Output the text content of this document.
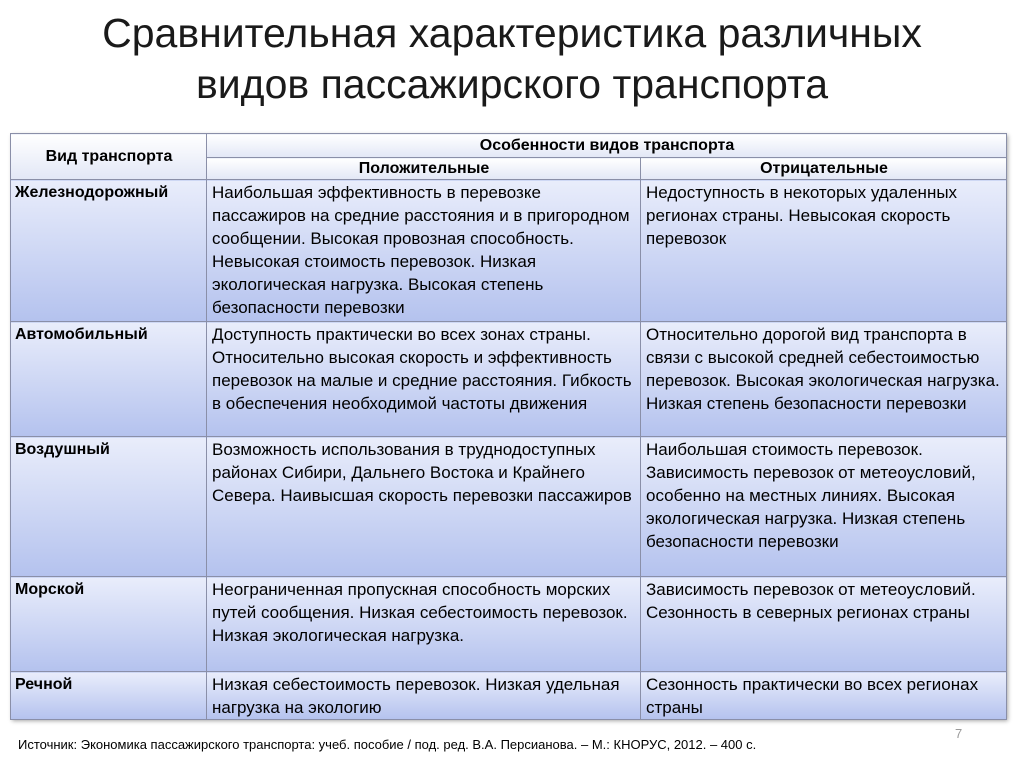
Сравнительная характеристика различных
видов пассажирского транспорта
Вид транспорта	Особенности видов транспорта	
	Положительные	Отрицательные
Железнодорожный	Наибольшая эффективность в перевозке пассажиров на средние расстояния и в пригородном сообщении. Высокая провозная способность. Невысокая стоимость перевозок. Низкая экологическая нагрузка. Высокая степень безопасности перевозки	Недоступность в некоторых удаленных регионах страны. Невысокая скорость перевозок
Автомобильный	Доступность практически во всех зонах страны. Относительно высокая скорость и эффективность перевозок на малые и средние расстояния. Гибкость в обеспечения необходимой частоты движения	Относительно дорогой вид транспорта в связи с высокой средней себестоимостью перевозок. Высокая экологическая нагрузка. Низкая степень безопасности перевозки
Воздушный	Возможность использования в труднодоступных районах Сибири, Дальнего Востока и Крайнего Севера. Наивысшая скорость перевозки пассажиров	Наибольшая стоимость перевозок. Зависимость перевозок от метеоусловий, особенно на местных линиях. Высокая экологическая нагрузка. Низкая степень безопасности перевозки
Морской	Неограниченная пропускная способность морских путей сообщения. Низкая себестоимость перевозок. Низкая экологическая нагрузка.	Зависимость перевозок от метеоусловий. Сезонность в северных регионах страны
Речной	Низкая себестоимость перевозок. Низкая удельная нагрузка на экологию	Сезонность практически во всех регионах страны
7
Источник: Экономика пассажирского транспорта: учеб. пособие / под. ред. В.А. Персианова. – М.: КНОРУС, 2012. – 400 с.
